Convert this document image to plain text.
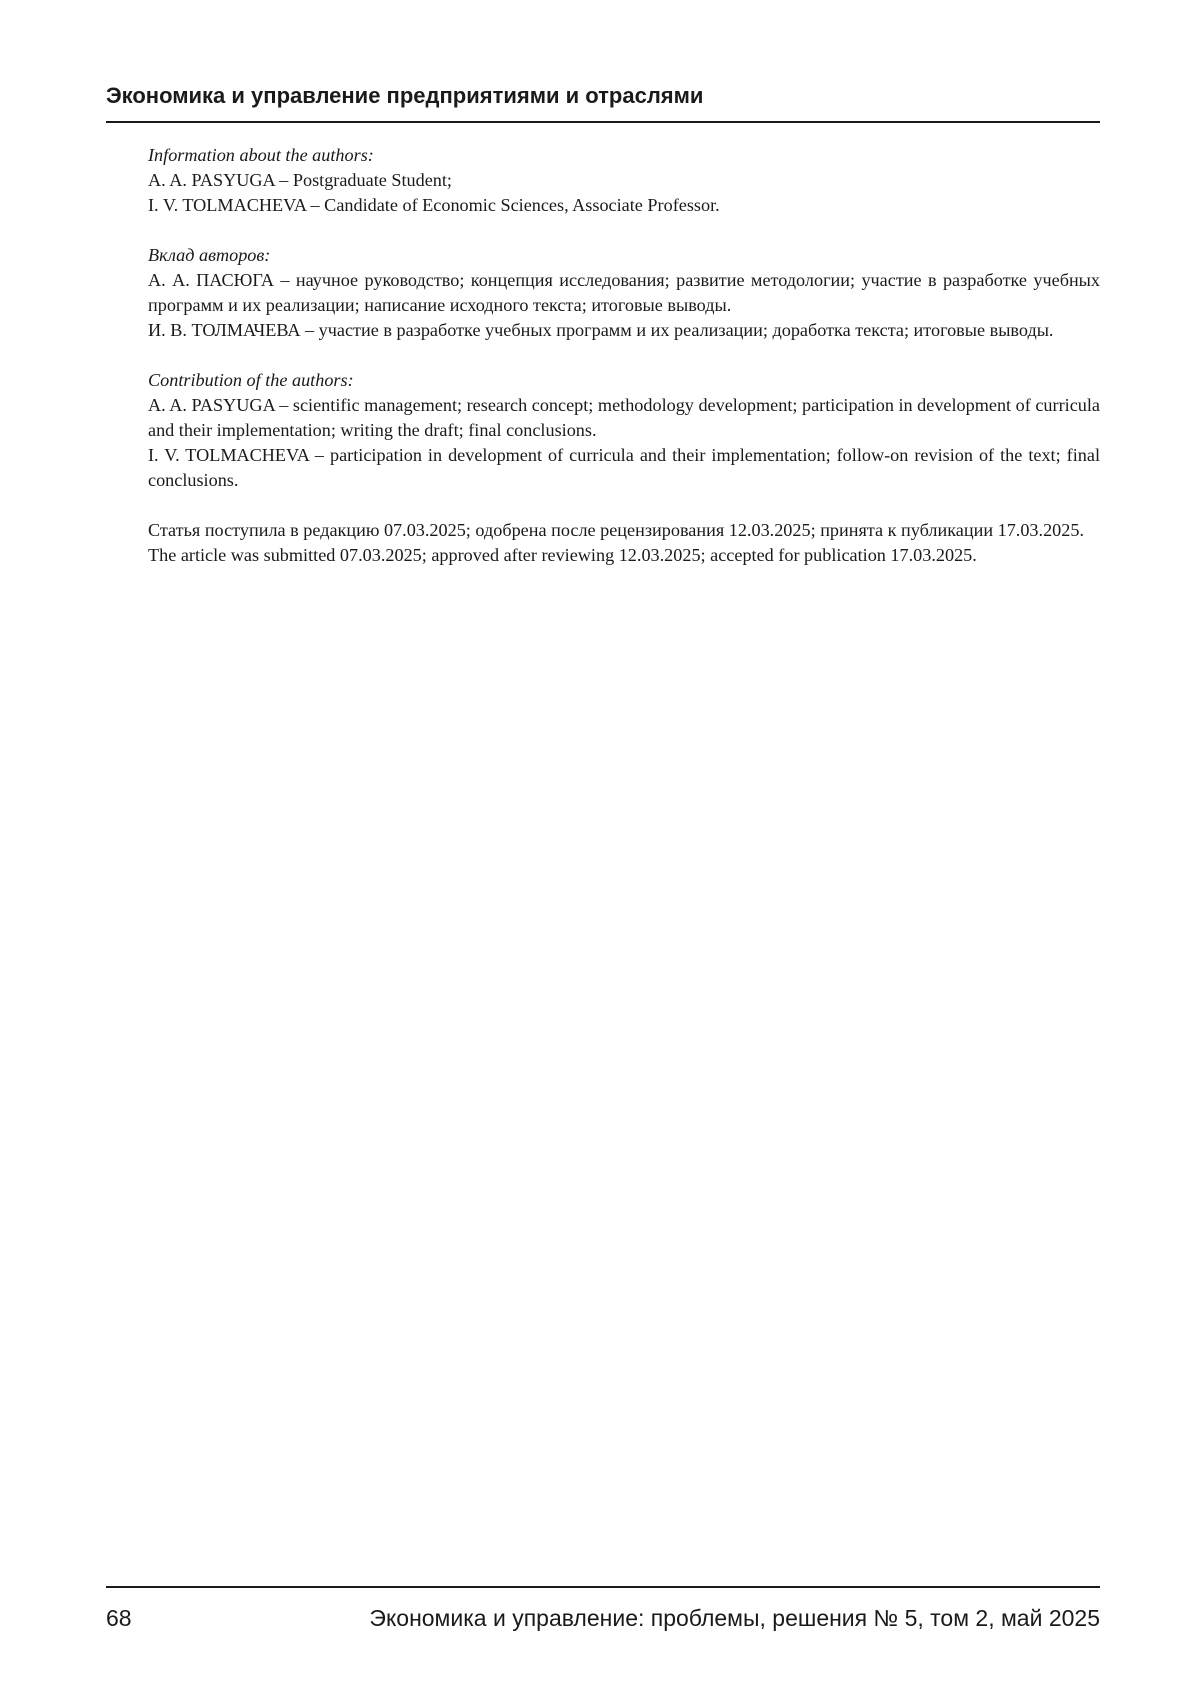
Экономика и управление предприятиями и отраслями
Information about the authors:
A. A. PASYUGA – Postgraduate Student;
I. V. TOLMACHEVA – Candidate of Economic Sciences, Associate Professor.
Вклад авторов:
А. А. ПАСЮГА – научное руководство; концепция исследования; развитие методологии; участие в разработке учебных программ и их реализации; написание исходного текста; итоговые выводы.
И. В. ТОЛМАЧЕВА – участие в разработке учебных программ и их реализации; доработка текста; итоговые выводы.
Contribution of the authors:
A. A. PASYUGA – scientific management; research concept; methodology development; participation in development of curricula and their implementation; writing the draft; final conclusions.
I. V. TOLMACHEVA – participation in development of curricula and their implementation; follow-on revision of the text; final conclusions.
Статья поступила в редакцию 07.03.2025; одобрена после рецензирования 12.03.2025; принята к публикации 17.03.2025.
The article was submitted 07.03.2025; approved after reviewing 12.03.2025; accepted for publication 17.03.2025.
68	Экономика и управление: проблемы, решения № 5, том 2, май 2025
